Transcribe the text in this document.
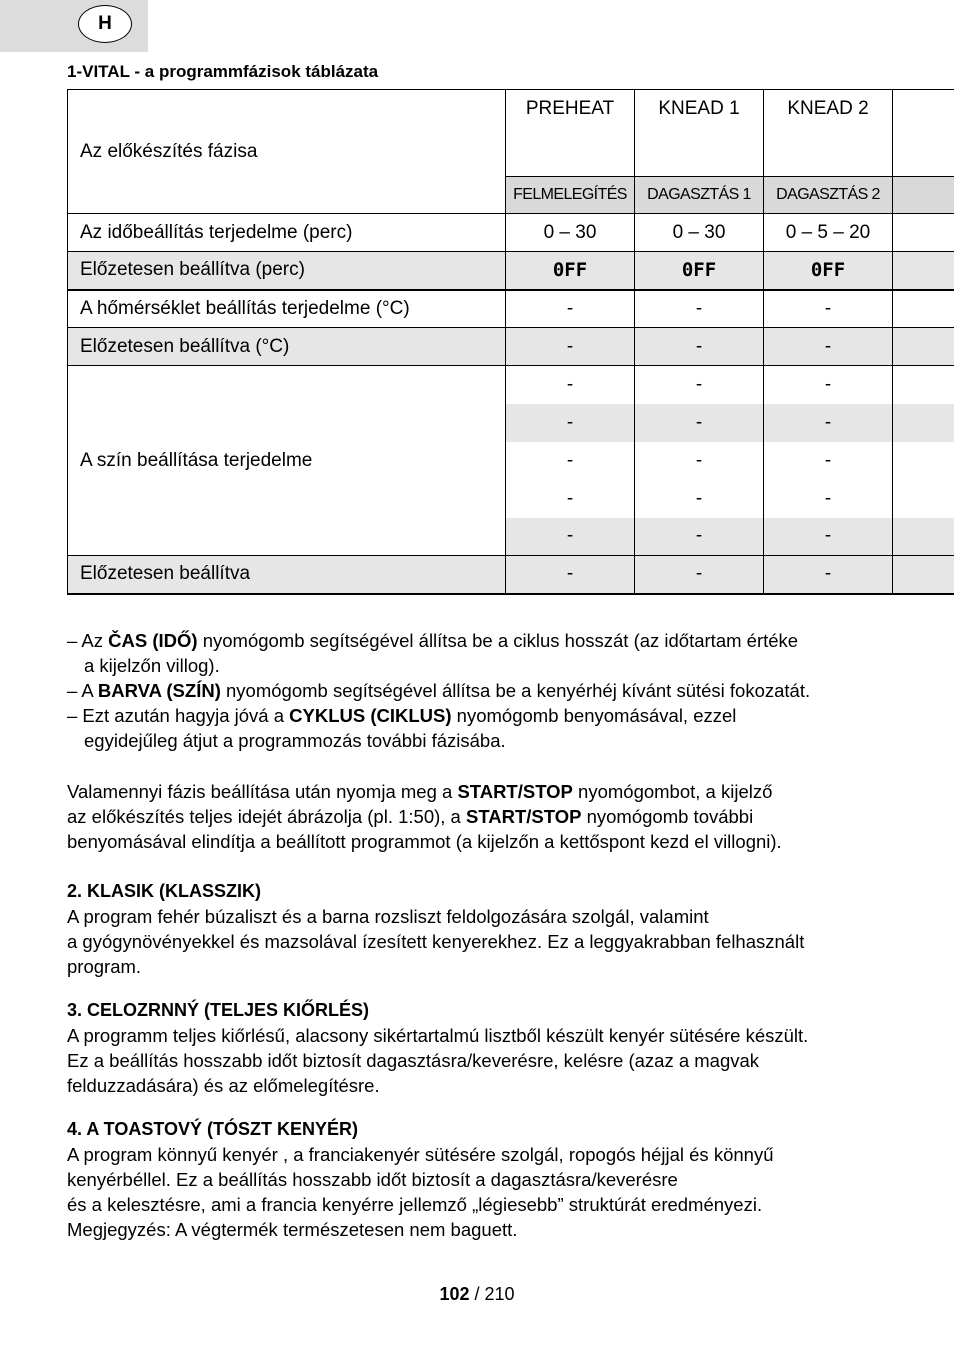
H
1-VITAL - a programmfázisok táblázata
Az előkészítés fázisa	PREHEAT	KNEAD 1	KNEAD 2	
	FELMELEGÍTÉS	DAGASZTÁS 1	DAGASZTÁS 2	
Az időbeállítás terjedelme (perc)	0 – 30	0 – 30	0 – 5 – 20	
Előzetesen beállítva (perc)	0FF	0FF	0FF	
A hőmérséklet beállítás terjedelme (°C)	-	-	-	
Előzetesen beállítva (°C)	-	-	-	
A szín beállítása terjedelme	-	-	-	
	-	-	-	
	-	-	-	
	-	-	-	
	-	-	-	
Előzetesen beállítva	-	-	-	

– Az ČAS (IDŐ) nyomógomb segítségével állítsa be a ciklus hosszát (az időtartam értéke

a kijelzőn villog).

– A BARVA (SZÍN) nyomógomb segítségével állítsa be a kenyérhéj kívánt sütési fokozatát.

– Ezt azután hagyja jóvá a CYKLUS (CIKLUS) nyomógomb benyomásával, ezzel

egyidejűleg átjut a programmozás további fázisába.

Valamennyi fázis beállítása után nyomja meg a START/STOP nyomógombot, a kijelző

az előkészítés teljes idejét ábrázolja (pl. 1:50), a START/STOP nyomógomb további

benyomásával elindítja a beállított programmot (a kijelzőn a kettőspont kezd el villogni).

2. KLASIK (KLASSZIK)

A program fehér búzaliszt és a barna rozsliszt feldolgozására szolgál, valamint

a gyógynövényekkel és mazsolával ízesített kenyerekhez. Ez a leggyakrabban felhasznált

program.

3. CELOZRNNÝ (TELJES KIŐRLÉS)

A programm teljes kiőrlésű, alacsony sikértartalmú lisztből készült kenyér sütésére készült.

Ez a beállítás hosszabb időt biztosít dagasztásra/keverésre, kelésre (azaz a magvak

felduzzadására) és az előmelegítésre.

4. A TOASTOVÝ (TÓSZT KENYÉR)

A program könnyű kenyér , a franciakenyér sütésére szolgál, ropogós héjjal és könnyű

kenyérbéllel. Ez a beállítás hosszabb időt biztosít a dagasztásra/keverésre

és a kelesztésre, ami a francia kenyérre jellemző „légiesebb” struktúrát eredményezi.

Megjegyzés: A végtermék természetesen nem baguett.

102 / 210
